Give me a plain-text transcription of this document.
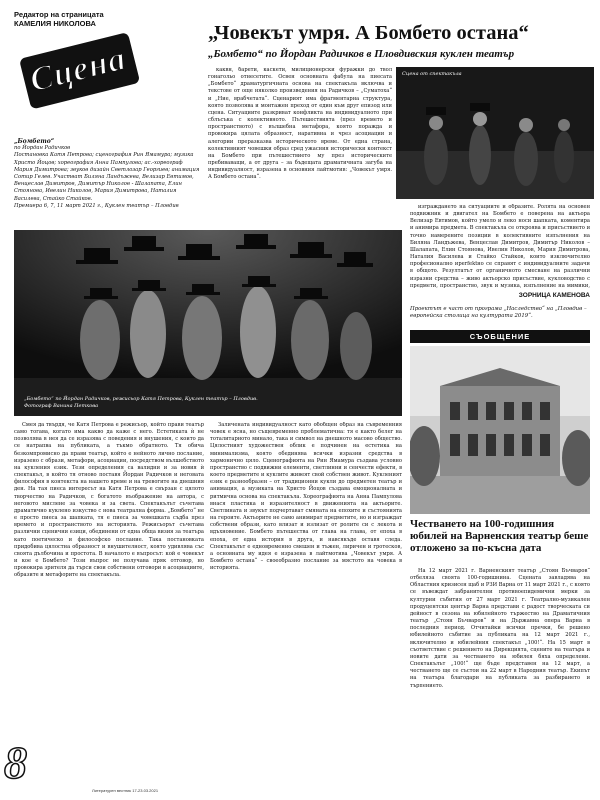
Редактор на страницата
КАМЕЛИЯ НИКОЛОВА
Сцена
„Човекът умря. А Бомбето остана“
„Бомбето“ по Йордан Радичков в Пловдивския куклен театър
„Бомбето“
по Йордан Радичков
Постановка Катя Петрова; сценография Рин Ямамура; музика Христо Йоцов; хореография Анна Пампулова; ас.-хореограф Мария Димитрова; звуков дизайн Светлозар Георгиев; анимация Сотир Гелев. Участват Биляна Ландъжева, Велизар Евтимов, Венцеслав Димитров, Димитър Николов - Шалапата, Елин Стоянова, Ивелин Николов, Мария Димитрова, Наталия Василева, Стайко Стайков.
Премиера 6, 7, 11 март 2021 г., Куклен театър – Пловдив

каквн, барети, каскети, милиционерски фуражки до твол гонагольо отнесетите. Освен основната фабула на пиесата „Бомбето“ драматургичната основа на спектакъла включва и текстове от още няколко произведения на Радичков – „Суматоха“ и „Ние, врабчетата“. Сценарият има фрагментарна структура, която позволява и монтажен преход от един към друг епизод или сцена. Ситуациите разкриват конфликта на индивидуалното при сблъсъка с колективното. Пътешествията (през времето и пространството) с вълшебна метафора, която поражда и провокира цялата образност, наративна и чрез асоциации и алегории преразказва историческото време. От една страна, колективният човешки образ сред ужасния исторически контекст на Бомбето при пътешествието му през историческите пребиваващи, а от друга – за бъдещата драматичната загуба на индивидуалност, изразена в основния лайтмотив: „Човекът умря. А Бомбето остана“.

Сцена от спектакъла

изграждането на ситуациите и образите. Ролята на основен подвижник и двигател на Бомбето е поверена на актьора Велизар Евтимов, който умело и леко носи шапката, коментира и анимира предмета. В спектакъла се откроява и присъствието и точно намерените позиции в колективните изпълнения на Биляна Ландъжева, Венцеслав Димитров, Димитър Николов – Шалапата, Елин Стоянова, Ивелин Николов, Мария Димитрова, Наталия Василева и Стайко Стайков, които изключително професионално иperfektно се справят с индивидуалните задачи в общото. Резултатът от органичното смесване на различни изразни средства – живо актьорско присъствие, кукловодство с предмети, пространство, звук и музика, изпълнение на мимики,

ЗОРНИЦА КАМЕНОВА
Проектът е част от програма „Наследство“ на „Пловдив – европейска столица на културата 2019“.
„Бомбето“ по Йордан Радичков, режисьор Катя Петрова, Куклен театър – Пловдив. Фотограф Ванина Петкова
СЪОБЩЕНИЕ
Честването на 100-годишния юбилей на Варненския театър беше отложено за по-късна дата

Смея да твърдя, че Катя Петрова е режисьор, който прави театър само тогава, когато има какво да каже с него. Естетиката ѝ не позволява в нея да се изразява с поведения и внушения, с които да се натрапва на публиката, а тъкмо обратното. Тя обича безкомпромисно да прави театър, който е нейното лично послание, изразено с образи, метафори, асоциации, посредством вълшебството на кукления език. Тези определения са валидни и за новия ѝ спектакъл, в който тя отново поставя Йордан Радичков и неговата философия в контекста на нашето време и на тревогите на днешния ден. На тая пиеса интересът на Катя Петрова е свързан с цялото творчество на Радичков, с богатото въображение на автора, с неговото мислене за човека и за света. Спектакълът съчетава драматично куклено изкуство с нова театрална форма. „Бомбето“ не е просто пиеса за шапката, тя е пиеса за човешката съдба през времето и пространството на историята. Режисьорът съчетава различни сценични езици, обединени от една обща визия за театъра като поетическо и философско послание. Така постановката придобива цялостна образност и внушителност, която удивлява със своята дълбочина и простота. В началото е въпросът: кой е човекът и кое е Бомбето? Този въпрос не получава пряк отговор, но провокира зрителя да търси свои собствени отговори в асоциациите, образите и метафорите на спектакъла.

Заличената индивидуалност като обобщен образ на съвременния човек е ясна, но същевременно проблематична: тя е както белег на тоталитарното минало, така и символ на днешното масово общество. Цялостният художествен облик е подчинен на естетика на минимализма, която обединява всички изразни средства в хармонично цяло. Сценографията на Рин Ямамура създава условно пространство с подвижни елементи, светлинни и сенчести ефекти, в което предметите и куклите живеят свой собствен живот. Кукленият език е разнообразен – от традиционни кукли до предметен театър и анимация, а музиката на Христо Йоцов създава емоционалната и ритмична основа на спектакъла. Хореографията на Анна Пампулова внася пластика и изразителност в движенията на актьорите. Светлината и звукът подчертават смяната на епохите и състоянията на героите. Актьорите не само анимират предметите, но и изграждат собствени образи, като влизат и излизат от ролите си с лекота и вдъхновение. Бомбето пътешества от глава на глава, от епоха в епоха, от една история в друга, и навсякъде оставя следа. Спектакълът е едновременно смешен и тъжен, лиричен и гротесков, а основната му идея е изразена в лайтмотива „Човекът умря. А Бомбето остана“ – своеобразно послание за мястото на човека в историята.	На 12 март 2021 г. Варненският театър „Стоян Бъчваров“ отбеляза своята 100-годишнина. Сцената завладява на Областния кризисен щаб и РЗИ Варна от 11 март 2021 г., с която се въвеждат забранителни противоепидемични мерки за културни събития от 27 март 2021 г. Театрално-музикален продуцентски център Варна представи с радост творческата си дейност в сезона на юбилейното тържество на Драматичния театър „Стоян Бъчваров“ и на Държавна опера Варна в последния период. Отчитайки всички пречки, бе решено юбилейното събитие за публиката на 12 март 2021 г., включително и юбилейния спектакъл „100!“. На 15 март в съответствие с решението на Дирекцията, сцените на театъра и новите дати за честването на юбилея бяха определени. Спектакълът „100!“ ще бъде представен на 12 март, а честването ще се състои на 22 март в Народния театър. Екипът на театъра благодари на публиката за разбирането и търпението.

8
Литературен вестник 17-23.03.2021
